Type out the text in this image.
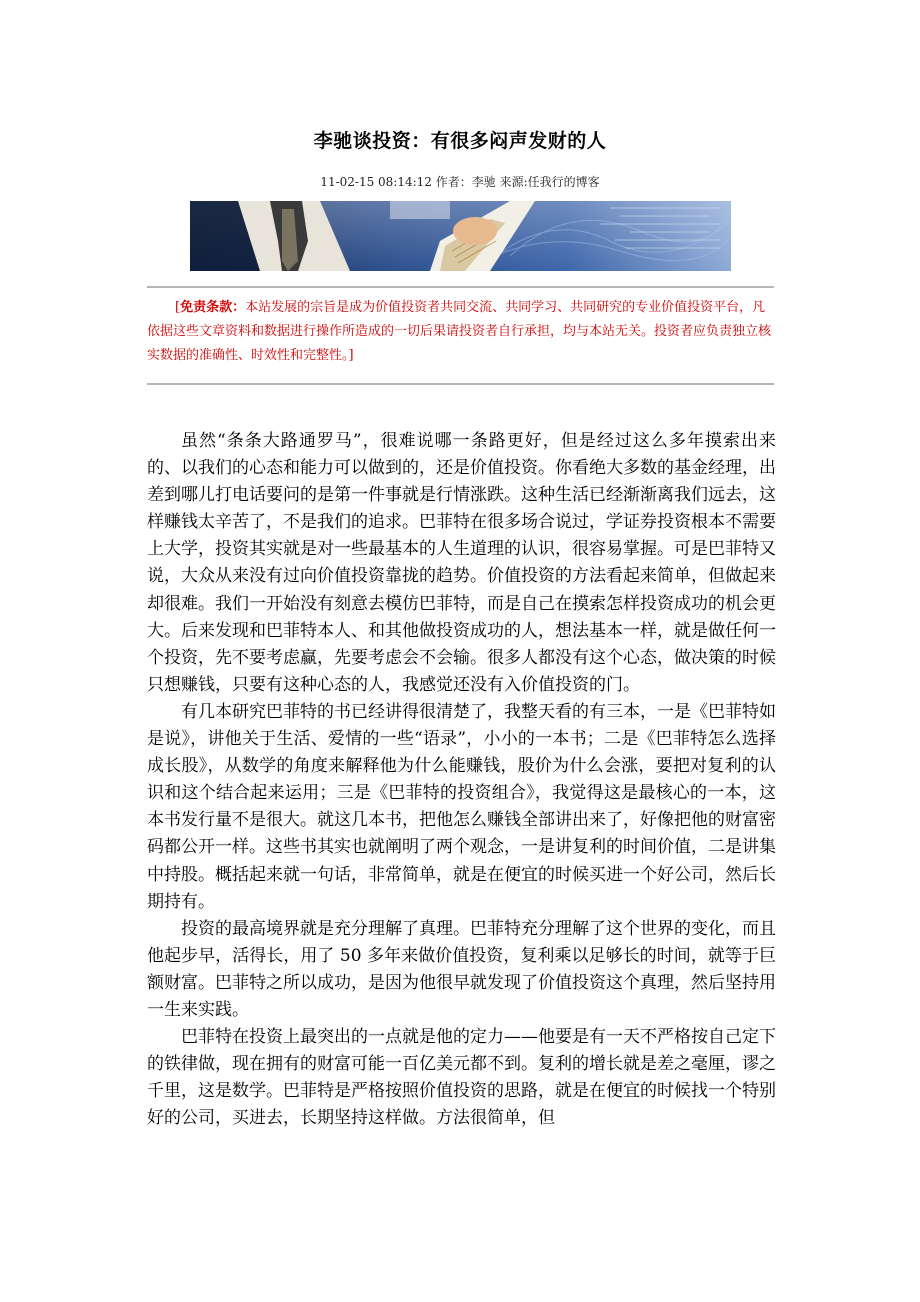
李驰谈投资：有很多闷声发财的人
11-02-15 08:14:12 作者：李驰 来源:任我行的博客
[免责条款：本站发展的宗旨是成为价值投资者共同交流、共同学习、共同研究的专业价值投资平台，凡依据这些文章资料和数据进行操作所造成的一切后果请投资者自行承担，均与本站无关。投资者应负责独立核实数据的准确性、时效性和完整性。]

虽然“条条大路通罗马”，很难说哪一条路更好，但是经过这么多年摸索出来的、以我们的心态和能力可以做到的，还是价值投资。你看绝大多数的基金经理，出差到哪儿打电话要问的是第一件事就是行情涨跌。这种生活已经渐渐离我们远去，这样赚钱太辛苦了，不是我们的追求。巴菲特在很多场合说过，学证券投资根本不需要上大学，投资其实就是对一些最基本的人生道理的认识，很容易掌握。可是巴菲特又说，大众从来没有过向价值投资靠拢的趋势。价值投资的方法看起来简单，但做起来却很难。我们一开始没有刻意去模仿巴菲特，而是自己在摸索怎样投资成功的机会更大。后来发现和巴菲特本人、和其他做投资成功的人，想法基本一样，就是做任何一个投资，先不要考虑赢，先要考虑会不会输。很多人都没有这个心态，做决策的时候只想赚钱，只要有这种心态的人，我感觉还没有入价值投资的门。

有几本研究巴菲特的书已经讲得很清楚了，我整天看的有三本，一是《巴菲特如是说》，讲他关于生活、爱情的一些“语录”，小小的一本书；二是《巴菲特怎么选择成长股》，从数学的角度来解释他为什么能赚钱，股价为什么会涨，要把对复利的认识和这个结合起来运用；三是《巴菲特的投资组合》，我觉得这是最核心的一本，这本书发行量不是很大。就这几本书，把他怎么赚钱全部讲出来了，好像把他的财富密码都公开一样。这些书其实也就阐明了两个观念，一是讲复利的时间价值，二是讲集中持股。概括起来就一句话，非常简单，就是在便宜的时候买进一个好公司，然后长期持有。

投资的最高境界就是充分理解了真理。巴菲特充分理解了这个世界的变化，而且他起步早，活得长，用了 50 多年来做价值投资，复利乘以足够长的时间，就等于巨额财富。巴菲特之所以成功，是因为他很早就发现了价值投资这个真理，然后坚持用一生来实践。

巴菲特在投资上最突出的一点就是他的定力——他要是有一天不严格按自己定下的铁律做，现在拥有的财富可能一百亿美元都不到。复利的增长就是差之毫厘，谬之千里，这是数学。巴菲特是严格按照价值投资的思路，就是在便宜的时候找一个特别好的公司，买进去，长期坚持这样做。方法很简单，但
